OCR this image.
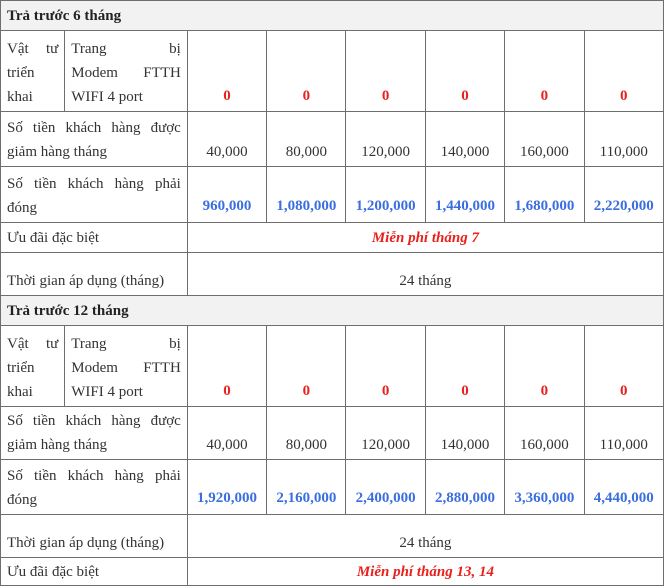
Trả trước 6 tháng							

Vật tư
triển
khai	Trang bị
Modem FTTH
WIFI 4 port	0	0	0	0	0	0

Số tiền khách hàng được
giảm hàng tháng		40,000	80,000	120,000	140,000	160,000	110,000

Số tiền khách hàng phải
đóng		960,000	1,080,000	1,200,000	1,440,000	1,680,000	2,220,000
Ưu đãi đặc biệt		Miễn phí tháng 7					
Thời gian áp dụng (tháng)		24 tháng					
Trả trước 12 tháng							

Vật tư
triển
khai	Trang bị
Modem FTTH
WIFI 4 port	0	0	0	0	0	0

Số tiền khách hàng được
giảm hàng tháng		40,000	80,000	120,000	140,000	160,000	110,000

Số tiền khách hàng phải
đóng		1,920,000	2,160,000	2,400,000	2,880,000	3,360,000	4,440,000
Thời gian áp dụng (tháng)		24 tháng					
Ưu đãi đặc biệt		Miễn phí tháng 13, 14					
